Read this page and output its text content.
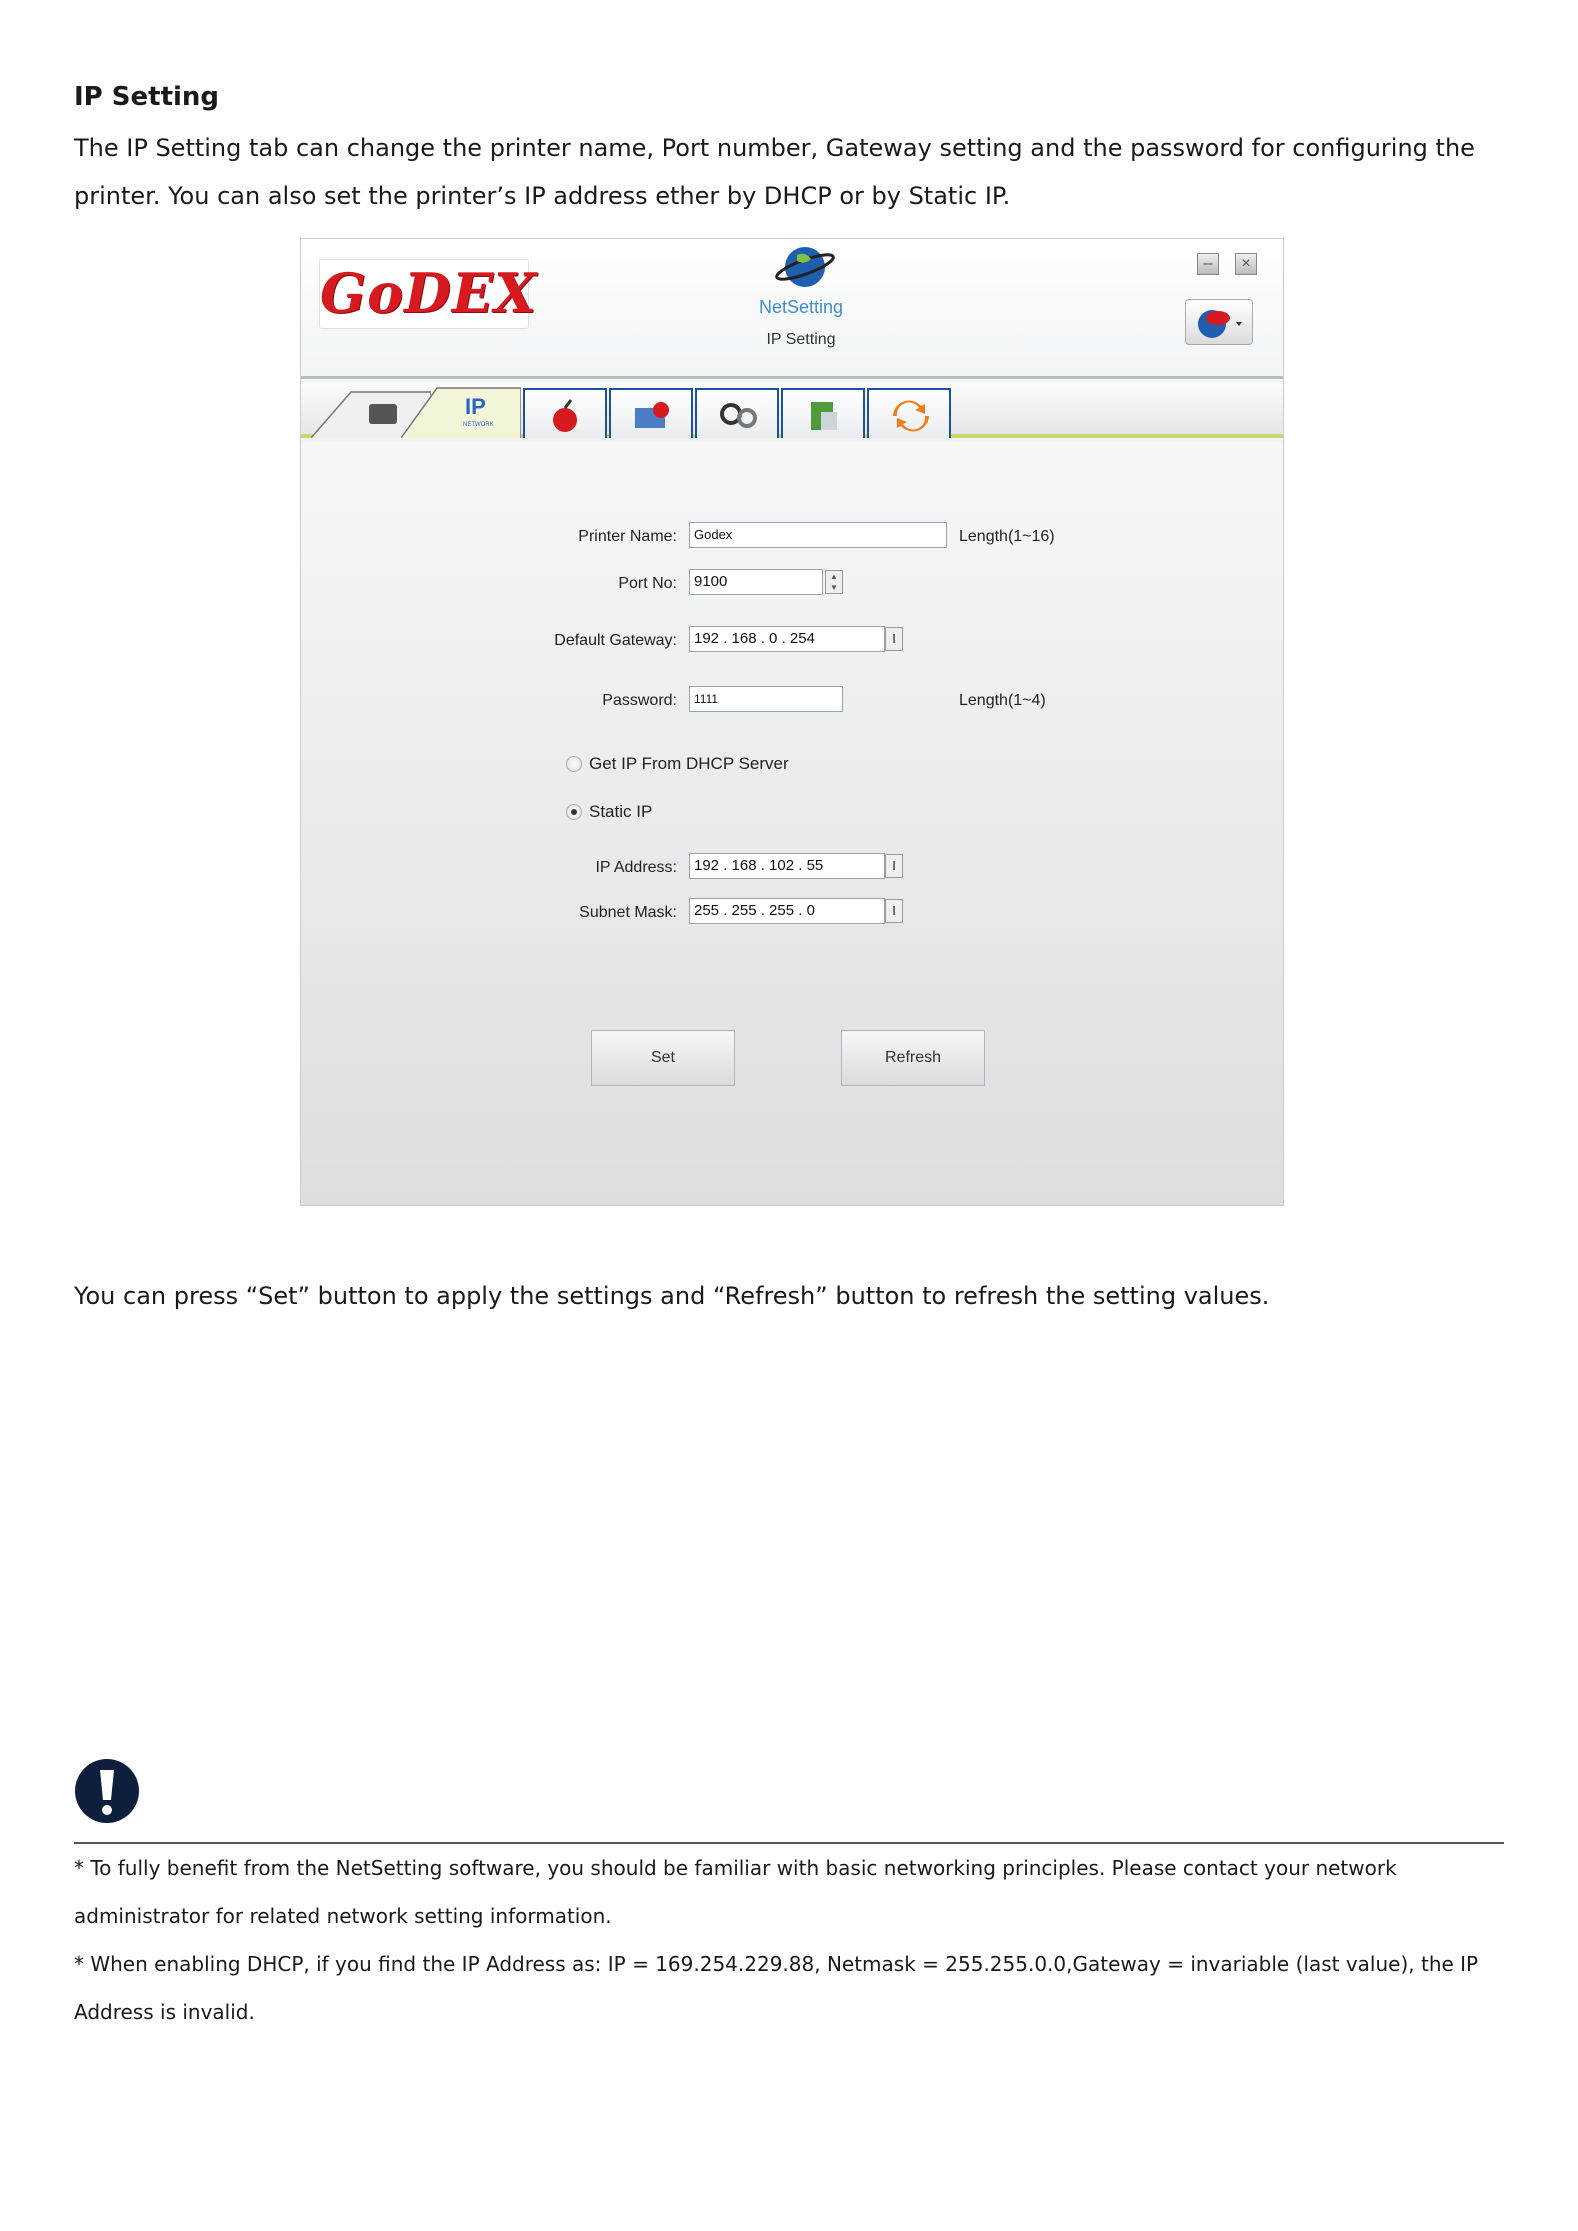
IP Setting
The IP Setting tab can change the printer name, Port number, Gateway setting and the password for configuring the printer. You can also set the printer’s IP address ether by DHCP or by Static IP.
GoDEX	NetSetting
IP Setting
–	×
IP
NETWORK
Printer Name:	Godex	Length(1~16)
Port No:	9100	▲
▼
Default Gateway:	192 . 168 . 0 . 254	I
Password:	1111	Length(1~4)
Get IP From DHCP Server
Static IP
IP Address:	192 . 168 . 102 . 55	I
Subnet Mask:	255 . 255 . 255 . 0	I
Set	Refresh
You can press “Set” button to apply the settings and “Refresh” button to refresh the setting values.
* To fully benefit from the NetSetting software, you should be familiar with basic networking principles. Please contact your network administrator for related network setting information.
* When enabling DHCP, if you find the IP Address as: IP = 169.254.229.88, Netmask = 255.255.0.0,Gateway = invariable (last value), the IP Address is invalid.
